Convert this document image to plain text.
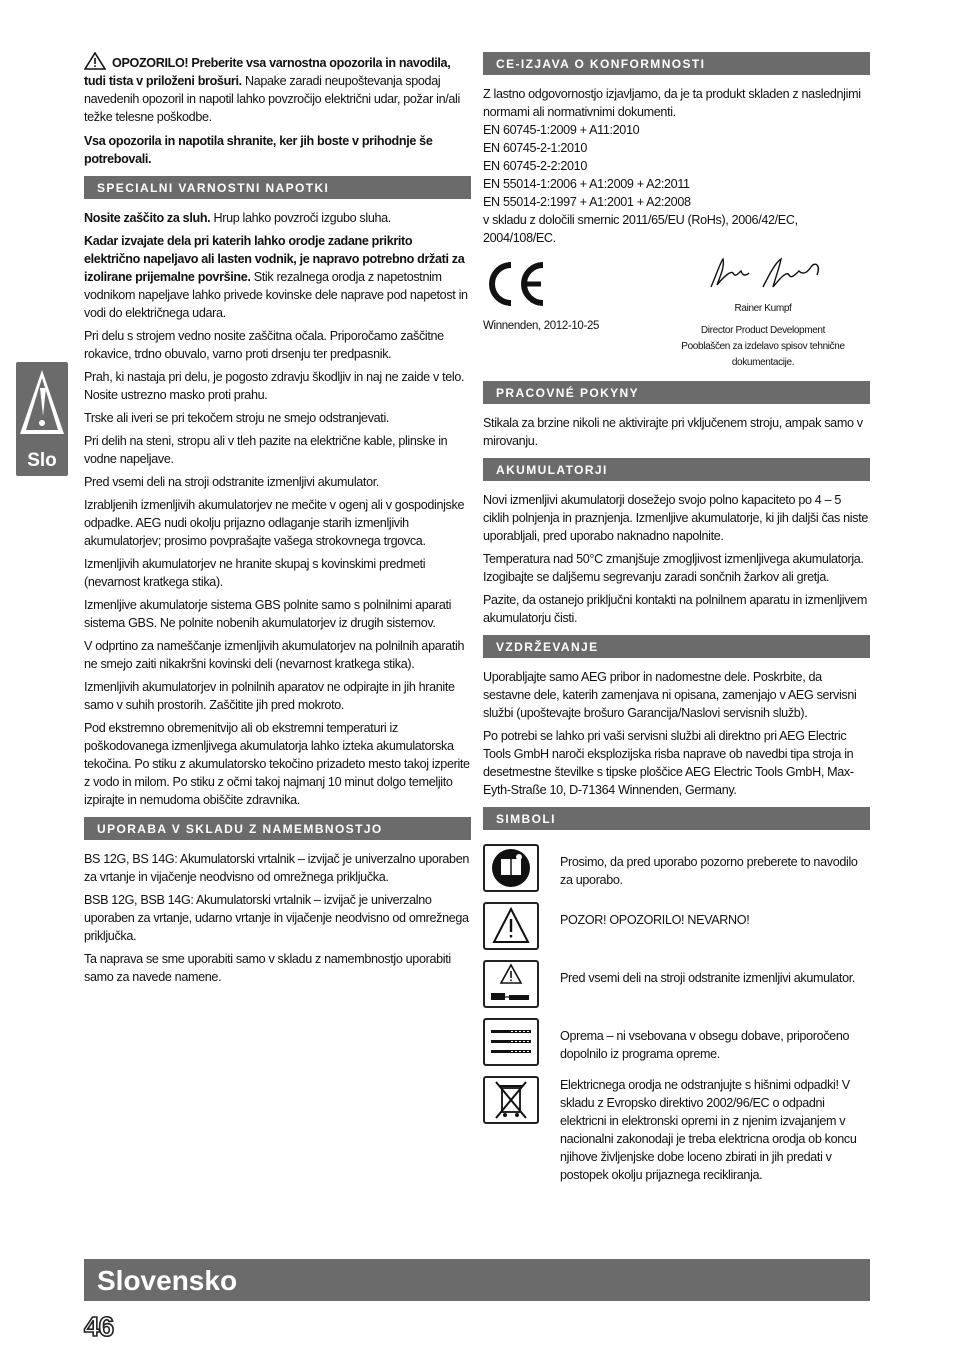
Slo

OPOZORILO! Preberite vsa varnostna opozorila in navodila, tudi tista v priloženi brošuri. Napake zaradi neupoštevanja spodaj navedenih opozoril in napotil lahko povzročijo električni udar, požar in/ali težke telesne poškodbe.

Vsa opozorila in napotila shranite, ker jih boste v prihodnje še potrebovali.

SPECIALNI VARNOSTNI NAPOTKI

Nosite zaščito za sluh. Hrup lahko povzroči izgubo sluha.

Kadar izvajate dela pri katerih lahko orodje zadane prikrito električno napeljavo ali lasten vodnik, je napravo potrebno držati za izolirane prijemalne površine. Stik rezalnega orodja z napetostnim vodnikom napeljave lahko privede kovinske dele naprave pod napetost in vodi do električnega udara.

Pri delu s strojem vedno nosite zaščitna očala. Priporočamo zaščitne rokavice, trdno obuvalo, varno proti drsenju ter predpasnik.

Prah, ki nastaja pri delu, je pogosto zdravju škodljiv in naj ne zaide v telo. Nosite ustrezno masko proti prahu.

Trske ali iveri se pri tekočem stroju ne smejo odstranjevati.

Pri delih na steni, stropu ali v tleh pazite na električne kable, plinske in vodne napeljave.

Pred vsemi deli na stroji odstranite izmenljivi akumulator.

Izrabljenih izmenljivih akumulatorjev ne mečite v ogenj ali v gospodinjske odpadke. AEG nudi okolju prijazno odlaganje starih izmenljivih akumulatorjev; prosimo povprašajte vašega strokovnega trgovca.

Izmenljivih akumulatorjev ne hranite skupaj s kovinskimi predmeti (nevarnost kratkega stika).

Izmenljive akumulatorje sistema GBS polnite samo s polnilnimi aparati sistema GBS. Ne polnite nobenih akumulatorjev iz drugih sistemov.

V odprtino za nameščanje izmenljivih akumulatorjev na polnilnih aparatih ne smejo zaiti nikakršni kovinski deli (nevarnost kratkega stika).

Izmenljivih akumulatorjev in polnilnih aparatov ne odpirajte in jih hranite samo v suhih prostorih. Zaščitite jih pred mokroto.

Pod ekstremno obremenitvijo ali ob ekstremni temperaturi iz poškodovanega izmenljivega akumulatorja lahko izteka akumulatorska tekočina. Po stiku z akumulatorsko tekočino prizadeto mesto takoj izperite z vodo in milom. Po stiku z očmi takoj najmanj 10 minut dolgo temeljito izpirajte in nemudoma obiščite zdravnika.

UPORABA V SKLADU Z NAMEMBNOSTJO

BS 12G, BS 14G: Akumulatorski vrtalnik – izvijač je univerzalno uporaben za vrtanje in vijačenje neodvisno od omrežnega priključka.

BSB 12G, BSB 14G: Akumulatorski vrtalnik – izvijač je univerzalno uporaben za vrtanje, udarno vrtanje in vijačenje neodvisno od omrežnega priključka.

Ta naprava se sme uporabiti samo v skladu z namembnostjo uporabiti samo za navede namene.

CE-IZJAVA O KONFORMNOSTI
Z lastno odgovornostjo izjavljamo, da je ta produkt skladen z naslednjimi normami ali normativnimi dokumenti.
EN 60745-1:2009 + A11:2010
EN 60745-2-1:2010
EN 60745-2-2:2010
EN 55014-1:2006 + A1:2009 + A2:2011
EN 55014-2:1997 + A1:2001 + A2:2008
v skladu z določili smernic 2011/65/EU (RoHs), 2006/42/EC, 2004/108/EC.
Winnenden, 2012-10-25
Rainer Kumpf
Director Product Development
Pooblaščen za izdelavo spisov tehnične dokumentacije.
PRACOVNÉ POKYNY

Stikala za brzine nikoli ne aktivirajte pri vključenem stroju, ampak samo v mirovanju.

AKUMULATORJI

Novi izmenljivi akumulatorji dosežejo svojo polno kapaciteto po 4 – 5 ciklih polnjenja in praznjenja. Izmenljive akumulatorje, ki jih daljši čas niste uporabljali, pred uporabo naknadno napolnite.

Temperatura nad 50°C zmanjšuje zmogljivost izmenljivega akumulatorja. Izogibajte se daljšemu segrevanju zaradi sončnih žarkov ali gretja.

Pazite, da ostanejo priključni kontakti na polnilnem aparatu in izmenljivem akumulatorju čisti.

VZDRŽEVANJE

Uporabljajte samo AEG pribor in nadomestne dele. Poskrbite, da sestavne dele, katerih zamenjava ni opisana, zamenjajo v AEG servisni službi (upoštevajte brošuro Garancija/Naslovi servisnih služb).

Po potrebi se lahko pri vaši servisni službi ali direktno pri AEG Electric Tools GmbH naroči eksplozijska risba naprave ob navedbi tipa stroja in desetmestne številke s tipske ploščice AEG Electric Tools GmbH, Max-Eyth-Straße 10, D-71364 Winnenden, Germany.

SIMBOLI
Prosimo, da pred uporabo pozorno preberete to navodilo za uporabo.
POZOR! OPOZORILO! NEVARNO!
Pred vsemi deli na stroji odstranite izmenljivi akumulator.
Oprema – ni vsebovana v obsegu dobave, priporočeno dopolnilo iz programa opreme.
Elektricnega orodja ne odstranjujte s hišnimi odpadki! V skladu z Evropsko direktivo 2002/96/EC o odpadni elektricni in elektronski opremi in z njenim izvajanjem v nacionalni zakonodaji je treba elektricna orodja ob koncu njihove življenjske dobe loceno zbirati in jih predati v postopek okolju prijaznega recikliranja.
Slovensko
46
